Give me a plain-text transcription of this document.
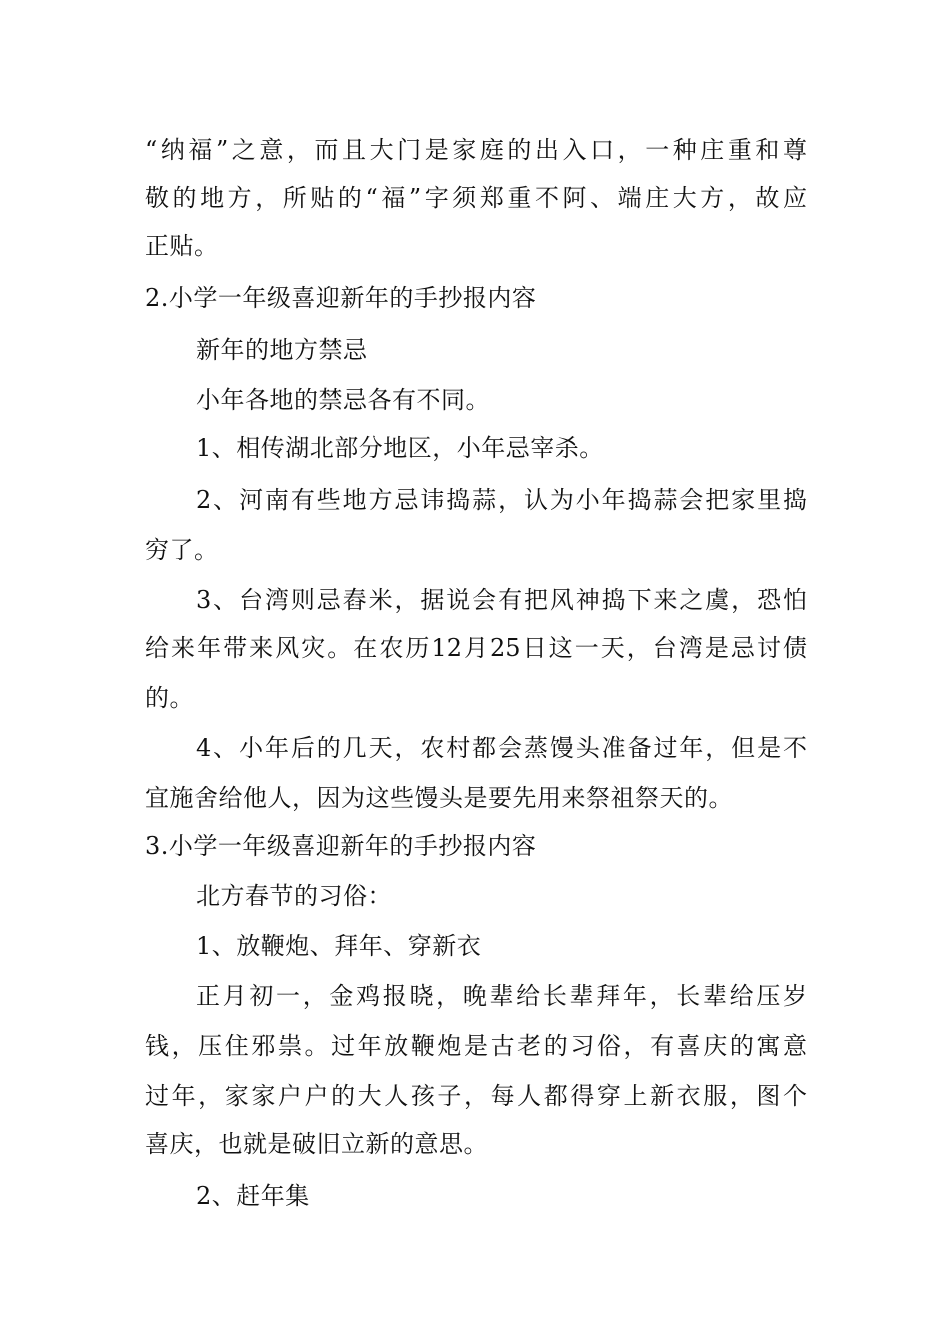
“纳福”之意，而且大门是家庭的出入口，一种庄重和尊
敬的地方，所贴的“福”字须郑重不阿、端庄大方，故应
正贴。
2.小学一年级喜迎新年的手抄报内容
新年的地方禁忌
小年各地的禁忌各有不同。
1、相传湖北部分地区，小年忌宰杀。
2、河南有些地方忌讳捣蒜，认为小年捣蒜会把家里捣
穷了。
3、台湾则忌舂米，据说会有把风神捣下来之虞，恐怕
给来年带来风灾。在农历12月25日这一天，台湾是忌讨债
的。
4、小年后的几天，农村都会蒸馒头准备过年，但是不
宜施舍给他人，因为这些馒头是要先用来祭祖祭天的。
3.小学一年级喜迎新年的手抄报内容
北方春节的习俗：
1、放鞭炮、拜年、穿新衣
正月初一，金鸡报晓，晚辈给长辈拜年，长辈给压岁
钱，压住邪祟。过年放鞭炮是古老的习俗，有喜庆的寓意
过年，家家户户的大人孩子，每人都得穿上新衣服，图个
喜庆，也就是破旧立新的意思。
2、赶年集
